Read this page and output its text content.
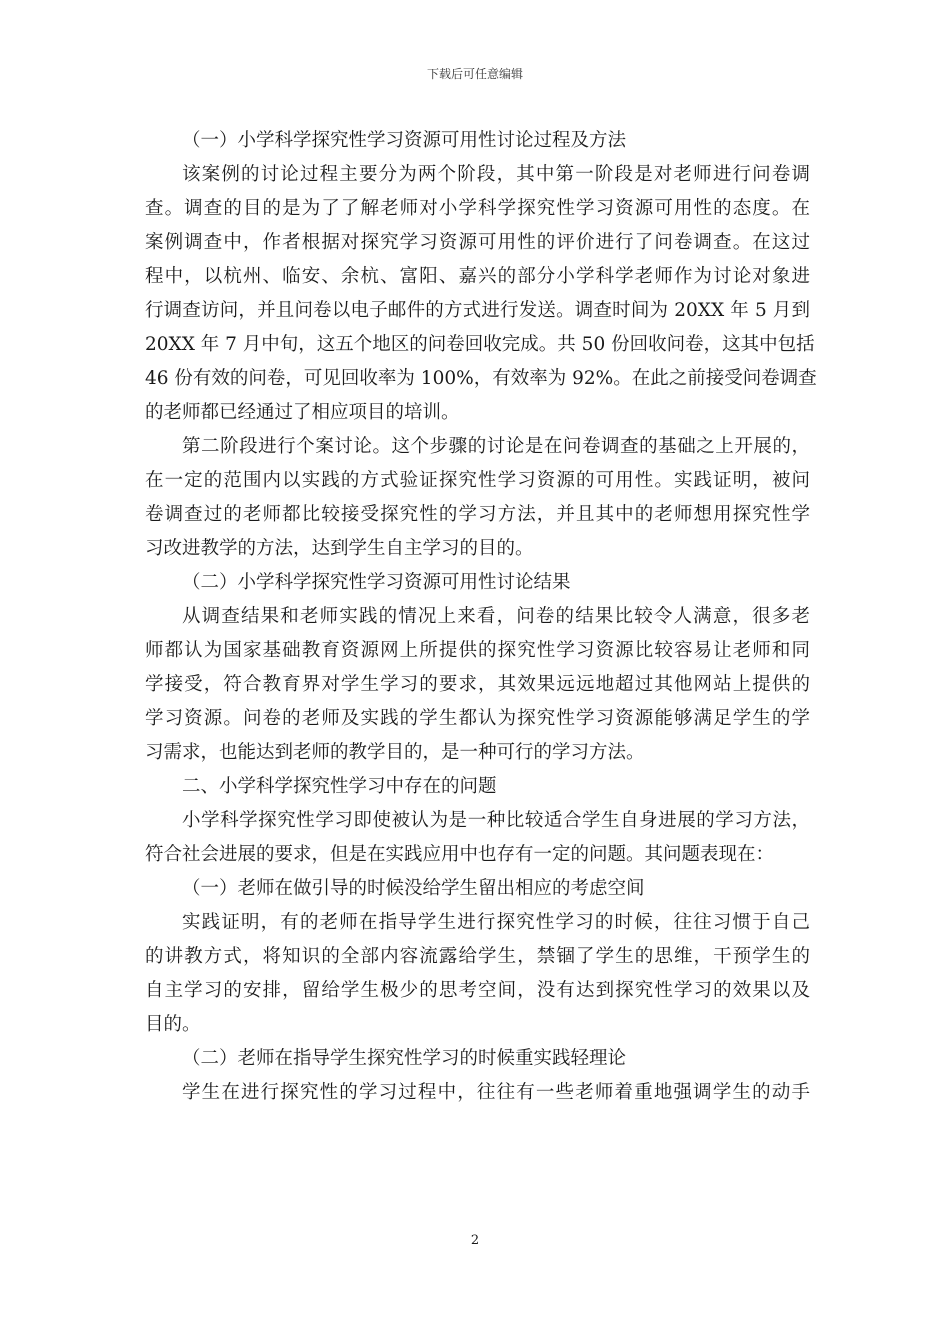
下载后可任意编辑
（一）小学科学探究性学习资源可用性讨论过程及方法
该案例的讨论过程主要分为两个阶段，其中第一阶段是对老师进行问卷调
查。调查的目的是为了了解老师对小学科学探究性学习资源可用性的态度。在
案例调查中，作者根据对探究学习资源可用性的评价进行了问卷调查。在这过
程中，以杭州、临安、余杭、富阳、嘉兴的部分小学科学老师作为讨论对象进
行调查访问，并且问卷以电子邮件的方式进行发送。调查时间为 20XX 年 5 月到
20XX 年 7 月中旬，这五个地区的问卷回收完成。共 50 份回收问卷，这其中包括
46 份有效的问卷，可见回收率为 100%，有效率为 92%。在此之前接受问卷调查
的老师都已经通过了相应项目的培训。
第二阶段进行个案讨论。这个步骤的讨论是在问卷调查的基础之上开展的，
在一定的范围内以实践的方式验证探究性学习资源的可用性。实践证明，被问
卷调查过的老师都比较接受探究性的学习方法，并且其中的老师想用探究性学
习改进教学的方法，达到学生自主学习的目的。
（二）小学科学探究性学习资源可用性讨论结果
从调查结果和老师实践的情况上来看，问卷的结果比较令人满意，很多老
师都认为国家基础教育资源网上所提供的探究性学习资源比较容易让老师和同
学接受，符合教育界对学生学习的要求，其效果远远地超过其他网站上提供的
学习资源。问卷的老师及实践的学生都认为探究性学习资源能够满足学生的学
习需求，也能达到老师的教学目的，是一种可行的学习方法。
二、小学科学探究性学习中存在的问题
小学科学探究性学习即使被认为是一种比较适合学生自身进展的学习方法，
符合社会进展的要求，但是在实践应用中也存有一定的问题。其问题表现在：
（一）老师在做引导的时候没给学生留出相应的考虑空间
实践证明，有的老师在指导学生进行探究性学习的时候，往往习惯于自己
的讲教方式，将知识的全部内容流露给学生，禁锢了学生的思维，干预学生的
自主学习的安排，留给学生极少的思考空间，没有达到探究性学习的效果以及
目的。
（二）老师在指导学生探究性学习的时候重实践轻理论
学生在进行探究性的学习过程中，往往有一些老师着重地强调学生的动手
2
